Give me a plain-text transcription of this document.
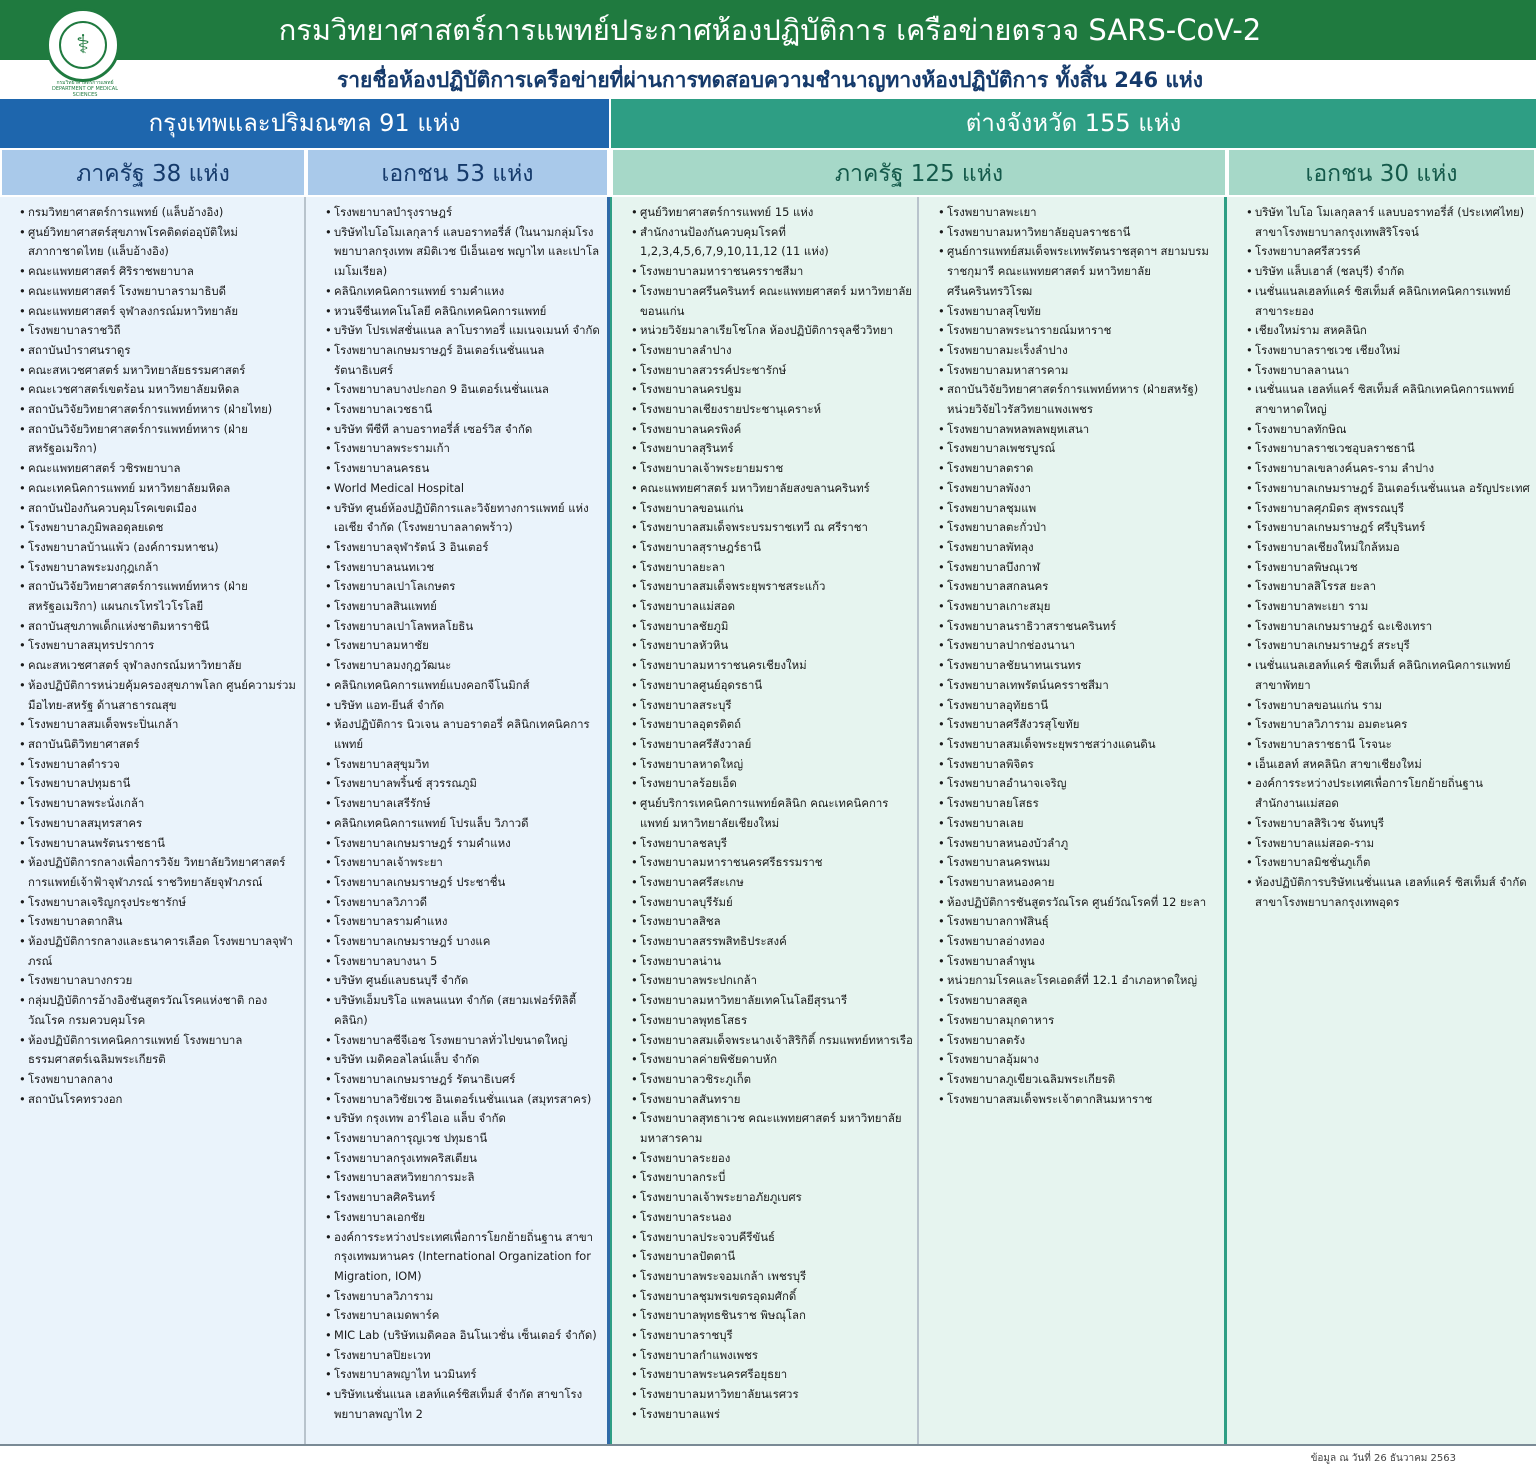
กรมวิทยาศาสตร์การแพทย์ประกาศห้องปฏิบัติการ เครือข่ายตรวจ SARS-CoV-2
⚕
กรมวิทยาศาสตร์การแพทย์ DEPARTMENT OF MEDICAL SCIENCES
รายชื่อห้องปฏิบัติการเครือข่ายที่ผ่านการทดสอบความชำนาญทางห้องปฏิบัติการ ทั้งสิ้น 246 แห่ง
กรุงเทพและปริมณฑล 91 แห่ง	ต่างจังหวัด 155 แห่ง
ภาครัฐ 38 แห่ง	เอกชน 53 แห่ง	ภาครัฐ 125 แห่ง	เอกชน 30 แห่ง
• กรมวิทยาศาสตร์การแพทย์ (แล็บอ้างอิง)
• ศูนย์วิทยาศาสตร์สุขภาพโรคติดต่ออุบัติใหม่ สภากาชาดไทย (แล็บอ้างอิง)
• คณะแพทยศาสตร์ ศิริราชพยาบาล
• คณะแพทยศาสตร์ โรงพยาบาลรามาธิบดี
• คณะแพทยศาสตร์ จุฬาลงกรณ์มหาวิทยาลัย
• โรงพยาบาลราชวิถี
• สถาบันบำราศนราดูร
• คณะสหเวชศาสตร์ มหาวิทยาลัยธรรมศาสตร์
• คณะเวชศาสตร์เขตร้อน มหาวิทยาลัยมหิดล
• สถาบันวิจัยวิทยาศาสตร์การแพทย์ทหาร (ฝ่ายไทย)
• สถาบันวิจัยวิทยาศาสตร์การแพทย์ทหาร (ฝ่ายสหรัฐอเมริกา)
• คณะแพทยศาสตร์ วชิรพยาบาล
• คณะเทคนิคการแพทย์ มหาวิทยาลัยมหิดล
• สถาบันป้องกันควบคุมโรคเขตเมือง
• โรงพยาบาลภูมิพลอดุลยเดช
• โรงพยาบาลบ้านแพ้ว (องค์การมหาชน)
• โรงพยาบาลพระมงกุฎเกล้า
• สถาบันวิจัยวิทยาศาสตร์การแพทย์ทหาร (ฝ่ายสหรัฐอเมริกา) แผนกเรโทรไวโรโลยี
• สถาบันสุขภาพเด็กแห่งชาติมหาราชินี
• โรงพยาบาลสมุทรปราการ
• คณะสหเวชศาสตร์ จุฬาลงกรณ์มหาวิทยาลัย
• ห้องปฏิบัติการหน่วยคุ้มครองสุขภาพโลก ศูนย์ความร่วมมือไทย-สหรัฐ ด้านสาธารณสุข
• โรงพยาบาลสมเด็จพระปิ่นเกล้า
• สถาบันนิติวิทยาศาสตร์
• โรงพยาบาลตำรวจ
• โรงพยาบาลปทุมธานี
• โรงพยาบาลพระนั่งเกล้า
• โรงพยาบาลสมุทรสาคร
• โรงพยาบาลนพรัตนราชธานี
• ห้องปฏิบัติการกลางเพื่อการวิจัย วิทยาลัยวิทยาศาสตร์การแพทย์เจ้าฟ้าจุฬาภรณ์ ราชวิทยาลัยจุฬาภรณ์
• โรงพยาบาลเจริญกรุงประชารักษ์
• โรงพยาบาลตากสิน
• ห้องปฏิบัติการกลางและธนาคารเลือด โรงพยาบาลจุฬาภรณ์
• โรงพยาบาลบางกรวย
• กลุ่มปฏิบัติการอ้างอิงชันสูตรวัณโรคแห่งชาติ กองวัณโรค กรมควบคุมโรค
• ห้องปฏิบัติการเทคนิคการแพทย์ โรงพยาบาลธรรมศาสตร์เฉลิมพระเกียรติ
• โรงพยาบาลกลาง
• สถาบันโรคทรวงอก
• โรงพยาบาลบำรุงราษฎร์
• บริษัทไบโอโมเลกุลาร์ แลบอราทอรี่ส์ (ในนามกลุ่มโรงพยาบาลกรุงเทพ สมิติเวช บีเอ็นเอช พญาไท และเปาโล เมโมเรียล)
• คลินิกเทคนิคการแพทย์ รามคำแหง
• หวนจีซีนเทคโนโลยี คลินิกเทคนิคการแพทย์
• บริษัท โปรเฟสชั่นแนล ลาโบราทอรี่ แมเนจเมนท์ จำกัด
• โรงพยาบาลเกษมราษฎร์ อินเตอร์เนชั่นแนล รัตนาธิเบศร์
• โรงพยาบาลบางปะกอก 9 อินเตอร์เนชั่นแนล
• โรงพยาบาลเวชธานี
• บริษัท พีซีที ลาบอราทอรี่ส์ เซอร์วิส จำกัด
• โรงพยาบาลพระรามเก้า
• โรงพยาบาลนครธน
• World Medical Hospital
• บริษัท ศูนย์ห้องปฏิบัติการและวิจัยทางการแพทย์ แห่งเอเชีย จำกัด (โรงพยาบาลลาดพร้าว)
• โรงพยาบาลจุฬารัตน์ 3 อินเตอร์
• โรงพยาบาลนนทเวช
• โรงพยาบาลเปาโลเกษตร
• โรงพยาบาลสินแพทย์
• โรงพยาบาลเปาโลพหลโยธิน
• โรงพยาบาลมหาชัย
• โรงพยาบาลมงกุฎวัฒนะ
• คลินิกเทคนิคการแพทย์แบงคอกจีโนมิกส์
• บริษัท แอท-ยีนส์ จำกัด
• ห้องปฏิบัติการ นิวเจน ลาบอราตอรี่ คลินิกเทคนิคการแพทย์
• โรงพยาบาลสุขุมวิท
• โรงพยาบาลพริ้นซ์ สุวรรณภูมิ
• โรงพยาบาลเสรีรักษ์
• คลินิกเทคนิคการแพทย์ โปรแล็บ วิภาวดี
• โรงพยาบาลเกษมราษฎร์ รามคำแหง
• โรงพยาบาลเจ้าพระยา
• โรงพยาบาลเกษมราษฎร์ ประชาชื่น
• โรงพยาบาลวิภาวดี
• โรงพยาบาลรามคำแหง
• โรงพยาบาลเกษมราษฎร์ บางแค
• โรงพยาบาลบางนา 5
• บริษัท ศูนย์แลบธนบุรี จำกัด
• บริษัทเอ็มบริโอ แพลนแนท จำกัด (สยามเฟอร์ทิลิตี้ คลินิก)
• โรงพยาบาลซีจีเอช โรงพยาบาลทั่วไปขนาดใหญ่
• บริษัท เมดิคอลไลน์แล็บ จำกัด
• โรงพยาบาลเกษมราษฎร์ รัตนาธิเบศร์
• โรงพยาบาลวิชัยเวช อินเตอร์เนชั่นแนล (สมุทรสาคร)
• บริษัท กรุงเทพ อาร์ไอเอ แล็บ จำกัด
• โรงพยาบาลการุญเวช ปทุมธานี
• โรงพยาบาลกรุงเทพคริสเตียน
• โรงพยาบาลสหวิทยาการมะลิ
• โรงพยาบาลศิครินทร์
• โรงพยาบาลเอกชัย
• องค์การระหว่างประเทศเพื่อการโยกย้ายถิ่นฐาน สาขากรุงเทพมหานคร (International Organization for Migration, IOM)
• โรงพยาบาลวิภาราม
• โรงพยาบาลเมดพาร์ค
• MIC Lab (บริษัทเมดิคอล อินโนเวชั่น เซ็นเตอร์ จำกัด)
• โรงพยาบาลปิยะเวท
• โรงพยาบาลพญาไท นวมินทร์
• บริษัทเนชั่นแนล เฮลท์แคร์ซิสเท็มส์ จำกัด สาขาโรงพยาบาลพญาไท 2
• ศูนย์วิทยาศาสตร์การแพทย์ 15 แห่ง
• สำนักงานป้องกันควบคุมโรคที่ 1,2,3,4,5,6,7,9,10,11,12 (11 แห่ง)
• โรงพยาบาลมหาราชนครราชสีมา
• โรงพยาบาลศรีนครินทร์ คณะแพทยศาสตร์ มหาวิทยาลัยขอนแก่น
• หน่วยวิจัยมาลาเรียโชโกล ห้องปฏิบัติการจุลชีววิทยา
• โรงพยาบาลลำปาง
• โรงพยาบาลสวรรค์ประชารักษ์
• โรงพยาบาลนครปฐม
• โรงพยาบาลเชียงรายประชานุเคราะห์
• โรงพยาบาลนครพิงค์
• โรงพยาบาลสุรินทร์
• โรงพยาบาลเจ้าพระยายมราช
• คณะแพทยศาสตร์ มหาวิทยาลัยสงขลานครินทร์
• โรงพยาบาลขอนแก่น
• โรงพยาบาลสมเด็จพระบรมราชเทวี ณ ศรีราชา
• โรงพยาบาลสุราษฎร์ธานี
• โรงพยาบาลยะลา
• โรงพยาบาลสมเด็จพระยุพราชสระแก้ว
• โรงพยาบาลแม่สอด
• โรงพยาบาลชัยภูมิ
• โรงพยาบาลหัวหิน
• โรงพยาบาลมหาราชนครเชียงใหม่
• โรงพยาบาลศูนย์อุดรธานี
• โรงพยาบาลสระบุรี
• โรงพยาบาลอุตรดิตถ์
• โรงพยาบาลศรีสังวาลย์
• โรงพยาบาลหาดใหญ่
• โรงพยาบาลร้อยเอ็ด
• ศูนย์บริการเทคนิคการแพทย์คลินิก คณะเทคนิคการแพทย์ มหาวิทยาลัยเชียงใหม่
• โรงพยาบาลชลบุรี
• โรงพยาบาลมหาราชนครศรีธรรมราช
• โรงพยาบาลศรีสะเกษ
• โรงพยาบาลบุรีรัมย์
• โรงพยาบาลสิชล
• โรงพยาบาลสรรพสิทธิประสงค์
• โรงพยาบาลน่าน
• โรงพยาบาลพระปกเกล้า
• โรงพยาบาลมหาวิทยาลัยเทคโนโลยีสุรนารี
• โรงพยาบาลพุทธโสธร
• โรงพยาบาลสมเด็จพระนางเจ้าสิริกิติ์ กรมแพทย์ทหารเรือ
• โรงพยาบาลค่ายพิชัยดาบหัก
• โรงพยาบาลวชิระภูเก็ต
• โรงพยาบาลสันทราย
• โรงพยาบาลสุทธาเวช คณะแพทยศาสตร์ มหาวิทยาลัยมหาสารคาม
• โรงพยาบาลระยอง
• โรงพยาบาลกระบี่
• โรงพยาบาลเจ้าพระยาอภัยภูเบศร
• โรงพยาบาลระนอง
• โรงพยาบาลประจวบคีรีขันธ์
• โรงพยาบาลปัตตานี
• โรงพยาบาลพระจอมเกล้า เพชรบุรี
• โรงพยาบาลชุมพรเขตรอุดมศักดิ์
• โรงพยาบาลพุทธชินราช พิษณุโลก
• โรงพยาบาลราชบุรี
• โรงพยาบาลกำแพงเพชร
• โรงพยาบาลพระนครศรีอยุธยา
• โรงพยาบาลมหาวิทยาลัยนเรศวร
• โรงพยาบาลแพร่
• โรงพยาบาลพะเยา
• โรงพยาบาลมหาวิทยาลัยอุบลราชธานี
• ศูนย์การแพทย์สมเด็จพระเทพรัตนราชสุดาฯ สยามบรมราชกุมารี คณะแพทยศาสตร์ มหาวิทยาลัยศรีนครินทรวิโรฒ
• โรงพยาบาลสุโขทัย
• โรงพยาบาลพระนารายณ์มหาราช
• โรงพยาบาลมะเร็งลำปาง
• โรงพยาบาลมหาสารคาม
• สถาบันวิจัยวิทยาศาสตร์การแพทย์ทหาร (ฝ่ายสหรัฐ) หน่วยวิจัยไวรัสวิทยาแพงเพชร
• โรงพยาบาลพหลพลพยุหเสนา
• โรงพยาบาลเพชรบูรณ์
• โรงพยาบาลตราด
• โรงพยาบาลพังงา
• โรงพยาบาลชุมแพ
• โรงพยาบาลตะกั่วป่า
• โรงพยาบาลพัทลุง
• โรงพยาบาลบึงกาฬ
• โรงพยาบาลสกลนคร
• โรงพยาบาลเกาะสมุย
• โรงพยาบาลนราธิวาสราชนครินทร์
• โรงพยาบาลปากช่องนานา
• โรงพยาบาลชัยนาทนเรนทร
• โรงพยาบาลเทพรัตน์นครราชสีมา
• โรงพยาบาลอุทัยธานี
• โรงพยาบาลศรีสังวรสุโขทัย
• โรงพยาบาลสมเด็จพระยุพราชสว่างแดนดิน
• โรงพยาบาลพิจิตร
• โรงพยาบาลอำนาจเจริญ
• โรงพยาบาลยโสธร
• โรงพยาบาลเลย
• โรงพยาบาลหนองบัวลำภู
• โรงพยาบาลนครพนม
• โรงพยาบาลหนองคาย
• ห้องปฏิบัติการชันสูตรวัณโรค ศูนย์วัณโรคที่ 12 ยะลา
• โรงพยาบาลกาฬสินธุ์
• โรงพยาบาลอ่างทอง
• โรงพยาบาลลำพูน
• หน่วยกามโรคและโรคเอดส์ที่ 12.1 อำเภอหาดใหญ่
• โรงพยาบาลสตูล
• โรงพยาบาลมุกดาหาร
• โรงพยาบาลตรัง
• โรงพยาบาลอุ้มผาง
• โรงพยาบาลภูเขียวเฉลิมพระเกียรติ
• โรงพยาบาลสมเด็จพระเจ้าตากสินมหาราช
• บริษัท ไบโอ โมเลกุลลาร์ แลบบอราทอรี่ส์ (ประเทศไทย) สาขาโรงพยาบาลกรุงเทพสิริโรจน์
• โรงพยาบาลศรีสวรรค์
• บริษัท แล็บเฮาส์ (ชลบุรี) จำกัด
• เนชั่นแนลเฮลท์แคร์ ซิสเท็มส์ คลินิกเทคนิคการแพทย์ สาขาระยอง
• เชียงใหม่ราม สหคลินิก
• โรงพยาบาลราชเวช เชียงใหม่
• โรงพยาบาลลานนา
• เนชั่นแนล เฮลท์แคร์ ซิสเท็มส์ คลินิกเทคนิคการแพทย์ สาขาหาดใหญ่
• โรงพยาบาลทักษิณ
• โรงพยาบาลราชเวชอุบลราชธานี
• โรงพยาบาลเขลางค์นคร-ราม ลำปาง
• โรงพยาบาลเกษมราษฎร์ อินเตอร์เนชั่นแนล อรัญประเทศ
• โรงพยาบาลศุภมิตร สุพรรณบุรี
• โรงพยาบาลเกษมราษฎร์ ศรีบุรินทร์
• โรงพยาบาลเชียงใหม่ใกล้หมอ
• โรงพยาบาลพิษณุเวช
• โรงพยาบาลสิโรรส ยะลา
• โรงพยาบาลพะเยา ราม
• โรงพยาบาลเกษมราษฎร์ ฉะเชิงเทรา
• โรงพยาบาลเกษมราษฎร์ สระบุรี
• เนชั่นแนลเฮลท์แคร์ ซิสเท็มส์ คลินิกเทคนิคการแพทย์ สาขาพัทยา
• โรงพยาบาลขอนแก่น ราม
• โรงพยาบาลวิภาราม อมตะนคร
• โรงพยาบาลราชธานี โรจนะ
• เอ็นเฮลท์ สหคลินิก สาขาเชียงใหม่
• องค์การระหว่างประเทศเพื่อการโยกย้ายถิ่นฐาน สำนักงานแม่สอด
• โรงพยาบาลสิริเวช จันทบุรี
• โรงพยาบาลแม่สอด-ราม
• โรงพยาบาลมิชชั่นภูเก็ต
• ห้องปฏิบัติการบริษัทเนชั่นแนล เฮลท์แคร์ ซิสเท็มส์ จำกัด สาขาโรงพยาบาลกรุงเทพอุดร
ข้อมูล ณ วันที่ 26 ธันวาคม 2563
